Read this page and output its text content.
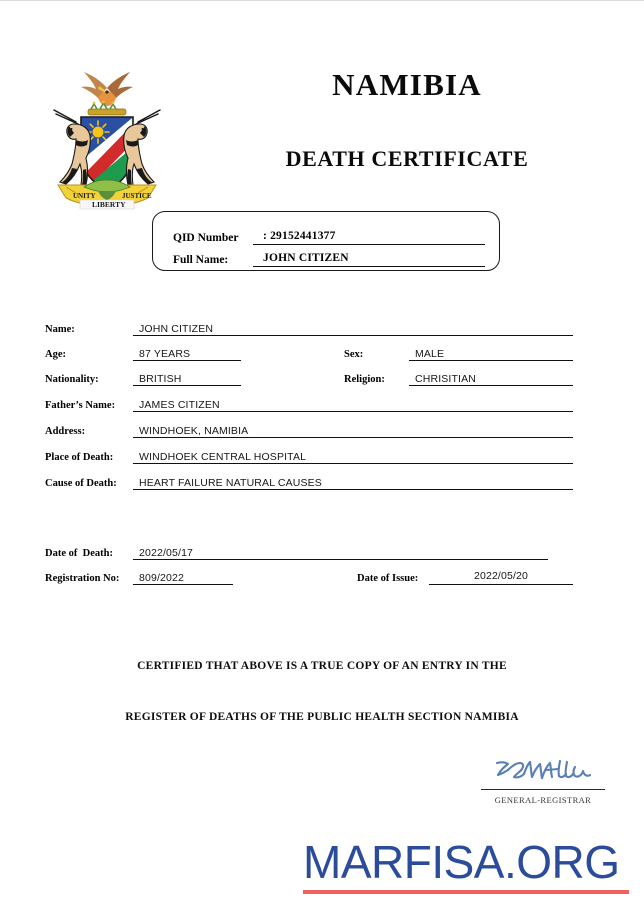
UNITY
LIBERTY
JUSTICE
NAMIBIA
DEATH CERTIFICATE
QID Number	: 29152441377
Full Name:	JOHN CITIZEN
Name:	JOHN CITIZEN
Age:	87 YEARS	Sex:	MALE
Nationality:	BRITISH	Religion:	CHRISITIAN
Father’s Name:	JAMES CITIZEN
Address:	WINDHOEK, NAMIBIA
Place of Death:	WINDHOEK CENTRAL HOSPITAL
Cause of Death:	HEART FAILURE NATURAL CAUSES
Date of  Death:	2022/05/17
Registration No:	809/2022	Date of Issue:	2022/05/20
CERTIFIED THAT ABOVE IS A TRUE COPY OF AN ENTRY IN THE
REGISTER OF DEATHS OF THE PUBLIC HEALTH SECTION NAMIBIA
GENERAL-REGISTRAR
MARFISA.ORG
